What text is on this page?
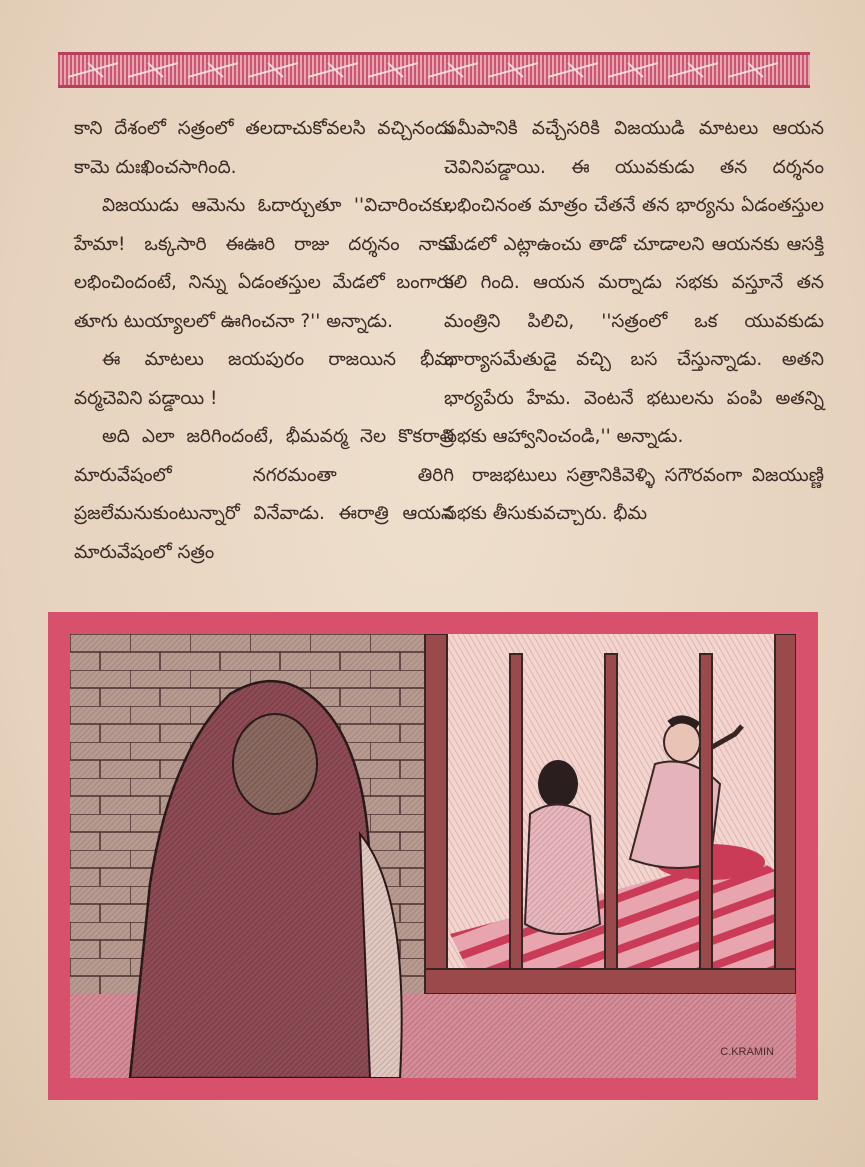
కాని దేశంలో సత్రంలో తలదాచుకోవలసి వచ్చినందు కామె దుఃఖించసాగింది.

విజయుడు ఆమెను ఓదార్చుతూ ''విచారించకు, హేమా! ఒక్కసారి ఈఊరి రాజు దర్శనం నాకు లభించిందంటే, నిన్ను ఏడంతస్తుల మేడలో బంగారు తూగు టుయ్యాలలో ఊగించనా ?'' అన్నాడు.

ఈ మాటలు జయపురం రాజయిన భీమ వర్మచెవిని పడ్డాయి !

అది ఎలా జరిగిందంటే, భీమవర్మ నెల కొకరాత్రి మారువేషంలో నగరమంతా తిరిగి ప్రజలేమనుకుంటున్నారో వినేవాడు. ఈరాత్రి ఆయన మారువేషంలో సత్రం

సమీపానికి వచ్చేసరికి విజయుడి మాటలు ఆయన చెవినిపడ్డాయి. ఈ యువకుడు తన దర్శనం లభించినంత మాత్రం చేతనే తన భార్యను ఏడంతస్తుల మేడలో ఎట్లాఉంచు తాడో చూడాలని ఆయనకు ఆసక్తి కలి గింది. ఆయన మర్నాడు సభకు వస్తూనే తన మంత్రిని పిలిచి, ''సత్రంలో ఒక యువకుడు భార్యాసమేతుడై వచ్చి బస చేస్తున్నాడు. అతని భార్యపేరు హేమ. వెంటనే భటులను పంపి అతన్ని సభకు ఆహ్వానించండి,'' అన్నాడు.

రాజభటులు సత్రానికివెళ్ళి సగౌరవంగా విజయుణ్ణి సభకు తీసుకువచ్చారు. భీమ

C.KRAMIN
